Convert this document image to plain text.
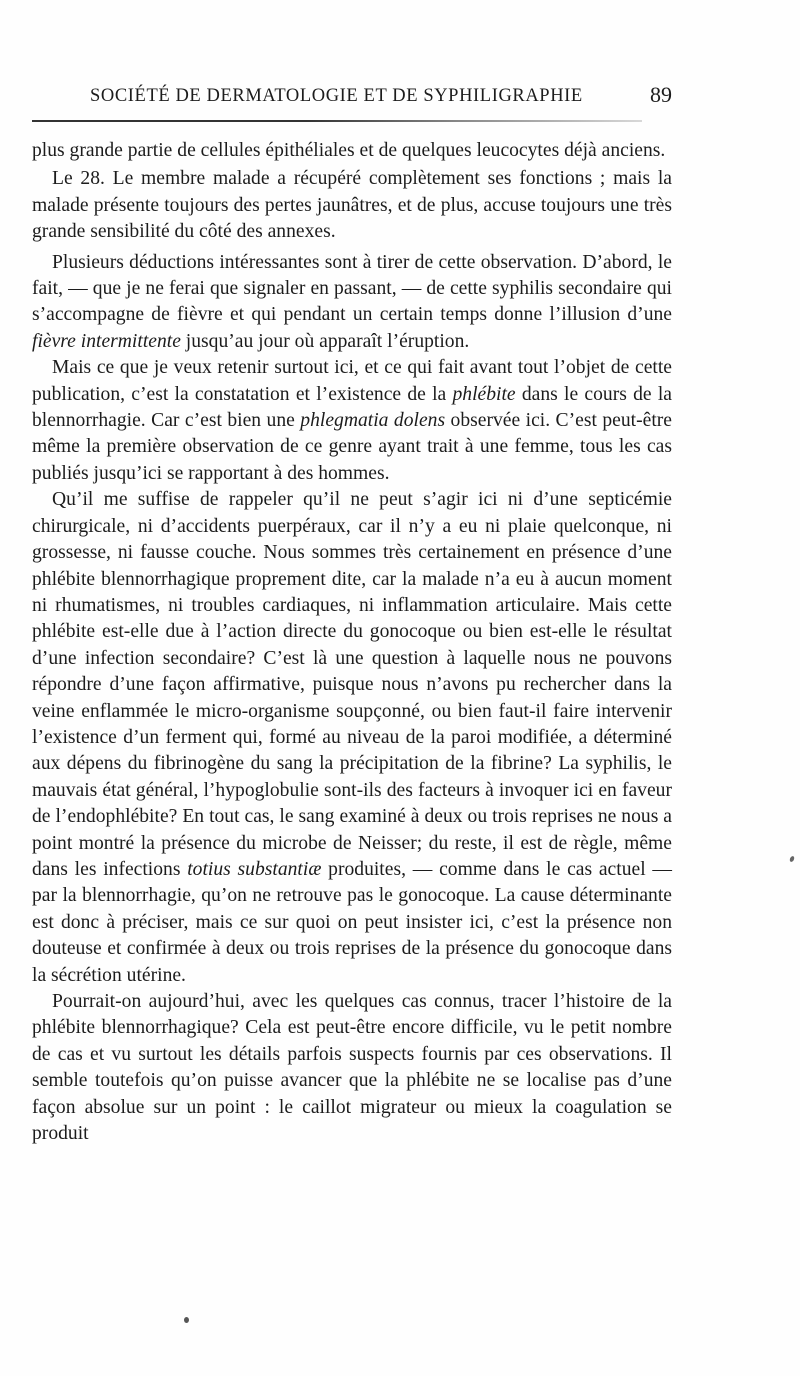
SOCIÉTÉ DE DERMATOLOGIE ET DE SYPHILIGRAPHIE	89

plus grande partie de cellules épithéliales et de quelques leucocytes déjà anciens.

Le 28. Le membre malade a récupéré complètement ses fonctions ; mais la malade présente toujours des pertes jaunâtres, et de plus, accuse toujours une très grande sensibilité du côté des annexes.

Plusieurs déductions intéressantes sont à tirer de cette observation. D’abord, le fait, — que je ne ferai que signaler en passant, — de cette syphilis secondaire qui s’accompagne de fièvre et qui pendant un certain temps donne l’illusion d’une fièvre intermittente jusqu’au jour où apparaît l’éruption.

Mais ce que je veux retenir surtout ici, et ce qui fait avant tout l’objet de cette publication, c’est la constatation et l’existence de la phlébite dans le cours de la blennorrhagie. Car c’est bien une phlegmatia dolens observée ici. C’est peut-être même la première observation de ce genre ayant trait à une femme, tous les cas publiés jusqu’ici se rapportant à des hommes.

Qu’il me suffise de rappeler qu’il ne peut s’agir ici ni d’une septicémie chirurgicale, ni d’accidents puerpéraux, car il n’y a eu ni plaie quelconque, ni grossesse, ni fausse couche. Nous sommes très certainement en présence d’une phlébite blennorrhagique proprement dite, car la malade n’a eu à aucun moment ni rhumatismes, ni troubles cardiaques, ni inflammation articulaire. Mais cette phlébite est-elle due à l’action directe du gonocoque ou bien est-elle le résultat d’une infection secondaire? C’est là une question à laquelle nous ne pouvons répondre d’une façon affirmative, puisque nous n’avons pu rechercher dans la veine enflammée le micro-organisme soupçonné, ou bien faut-il faire intervenir l’existence d’un ferment qui, formé au niveau de la paroi modifiée, a déterminé aux dépens du fibrinogène du sang la précipitation de la fibrine? La syphilis, le mauvais état général, l’hypoglobulie sont-ils des facteurs à invoquer ici en faveur de l’endophlébite? En tout cas, le sang examiné à deux ou trois reprises ne nous a point montré la présence du microbe de Neisser; du reste, il est de règle, même dans les infections totius substantiæ produites, — comme dans le cas actuel — par la blennorrhagie, qu’on ne retrouve pas le gonocoque. La cause déterminante est donc à préciser, mais ce sur quoi on peut insister ici, c’est la présence non douteuse et confirmée à deux ou trois reprises de la présence du gonocoque dans la sécrétion utérine.

Pourrait-on aujourd’hui, avec les quelques cas connus, tracer l’histoire de la phlébite blennorrhagique? Cela est peut-être encore difficile, vu le petit nombre de cas et vu surtout les détails parfois suspects fournis par ces observations. Il semble toutefois qu’on puisse avancer que la phlébite ne se localise pas d’une façon absolue sur un point : le caillot migrateur ou mieux la coagulation se produit
